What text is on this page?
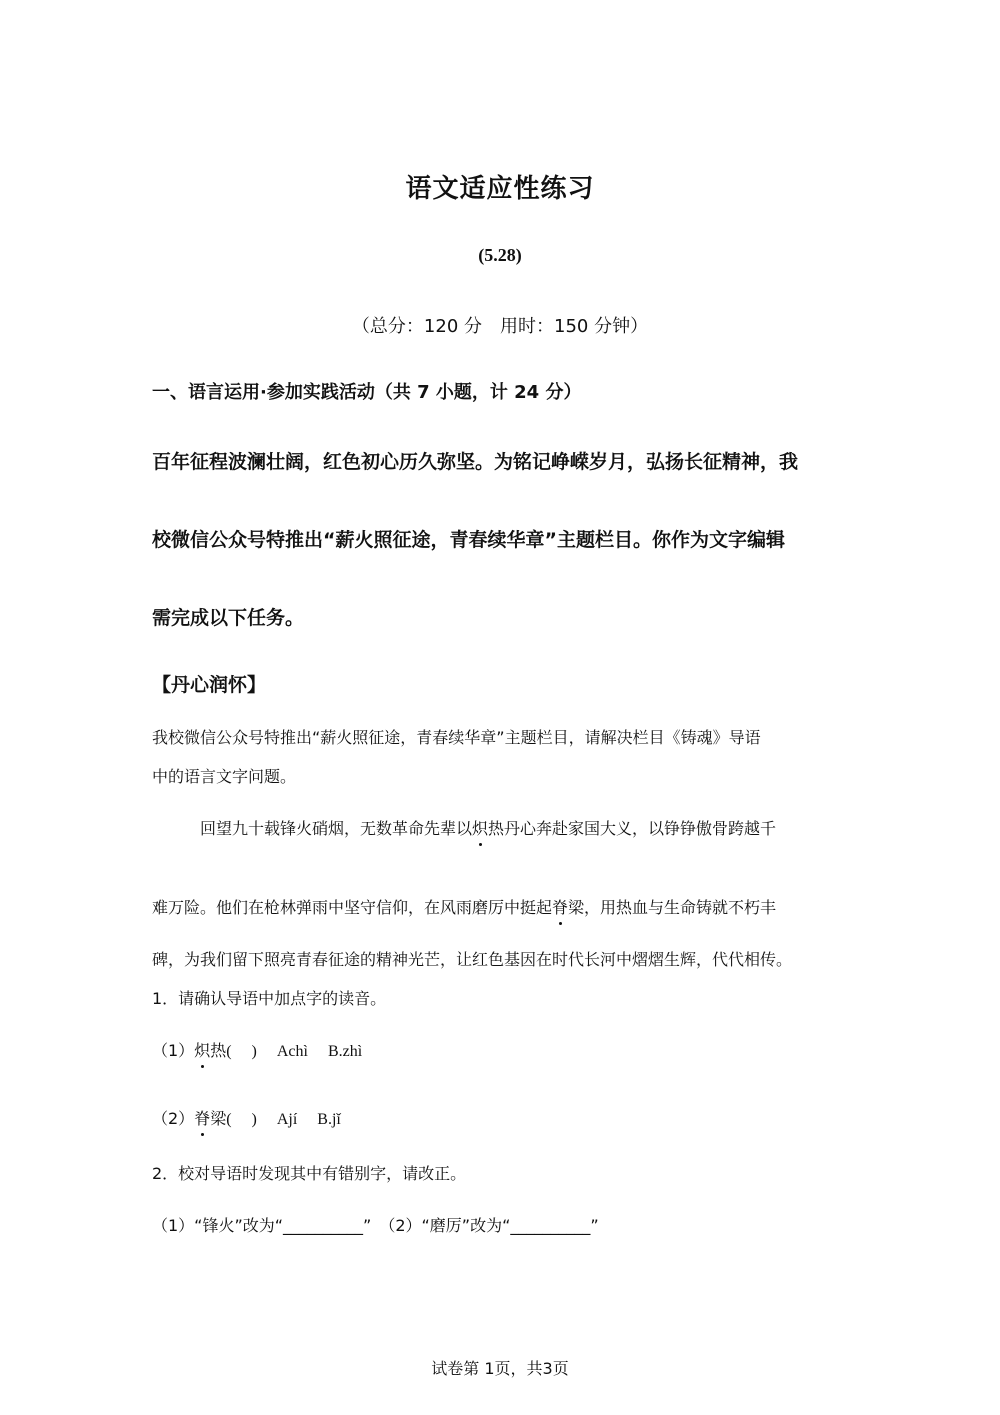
语文适应性练习
(5.28)
（总分：120 分　用时：150 分钟）
一、语言运用·参加实践活动（共 7 小题，计 24 分）
百年征程波澜壮阔，红色初心历久弥坚。为铭记峥嵘岁月，弘扬长征精神，我
校微信公众号特推出“薪火照征途，青春续华章”主题栏目。你作为文字编辑
需完成以下任务。
【丹心润怀】
我校微信公众号特推出“薪火照征途，青春续华章”主题栏目，请解决栏目《铸魂》导语
中的语言文字问题。
回望九十载锋火硝烟，无数革命先辈以炽热丹心奔赴家国大义，以铮铮傲骨跨越千
难万险。他们在枪林弹雨中坚守信仰，在风雨磨厉中挺起脊梁，用热血与生命铸就不朽丰
碑，为我们留下照亮青春征途的精神光芒，让红色基因在时代长河中熠熠生辉，代代相传。
1．请确认导语中加点字的读音。
（1）炽热(　 )　 Achì　 B.zhì
（2）脊梁(　 )　 Ají　 B.jǐ
2．校对导语时发现其中有错别字，请改正。
（1）“锋火”改为“__________”　（2）“磨厉”改为“__________”
试卷第 1页，共3页
